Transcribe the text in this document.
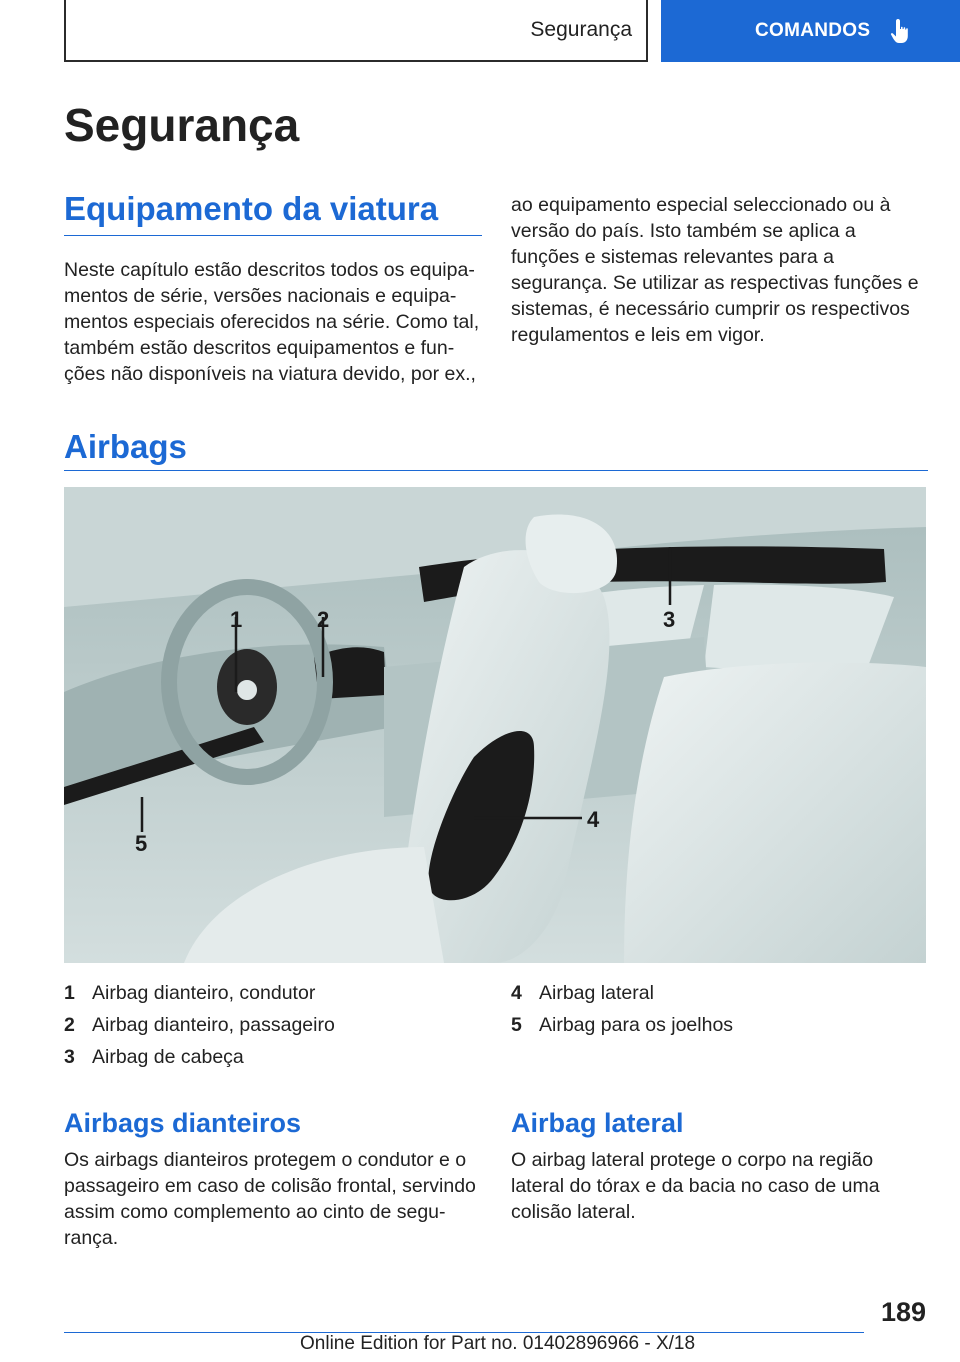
Segurança	COMANDOS
Segurança
Equipamento da viatura

Neste capítulo estão descritos todos os equipamentos de série, versões nacionais e equipamentos especiais oferecidos na série. Como tal, também estão descritos equipamentos e funções não disponíveis na viatura devido, por ex.,

ao equipamento especial seleccionado ou à versão do país. Isto também se aplica a funções e sistemas relevantes para a segurança. Se utilizar as respectivas funções e sistemas, é necessário cumprir os respectivos regulamentos e leis em vigor.

Airbags
1	2	3
4
5
1 Airbag dianteiro, condutor
2 Airbag dianteiro, passageiro
3 Airbag de cabeça
4 Airbag lateral
5 Airbag para os joelhos
Airbags dianteiros

Os airbags dianteiros protegem o condutor e o passageiro em caso de colisão frontal, servindo assim como complemento ao cinto de segurança.

Airbag lateral

O airbag lateral protege o corpo na região lateral do tórax e da bacia no caso de uma colisão lateral.

189
Online Edition for Part no. 01402896966 - X/18
